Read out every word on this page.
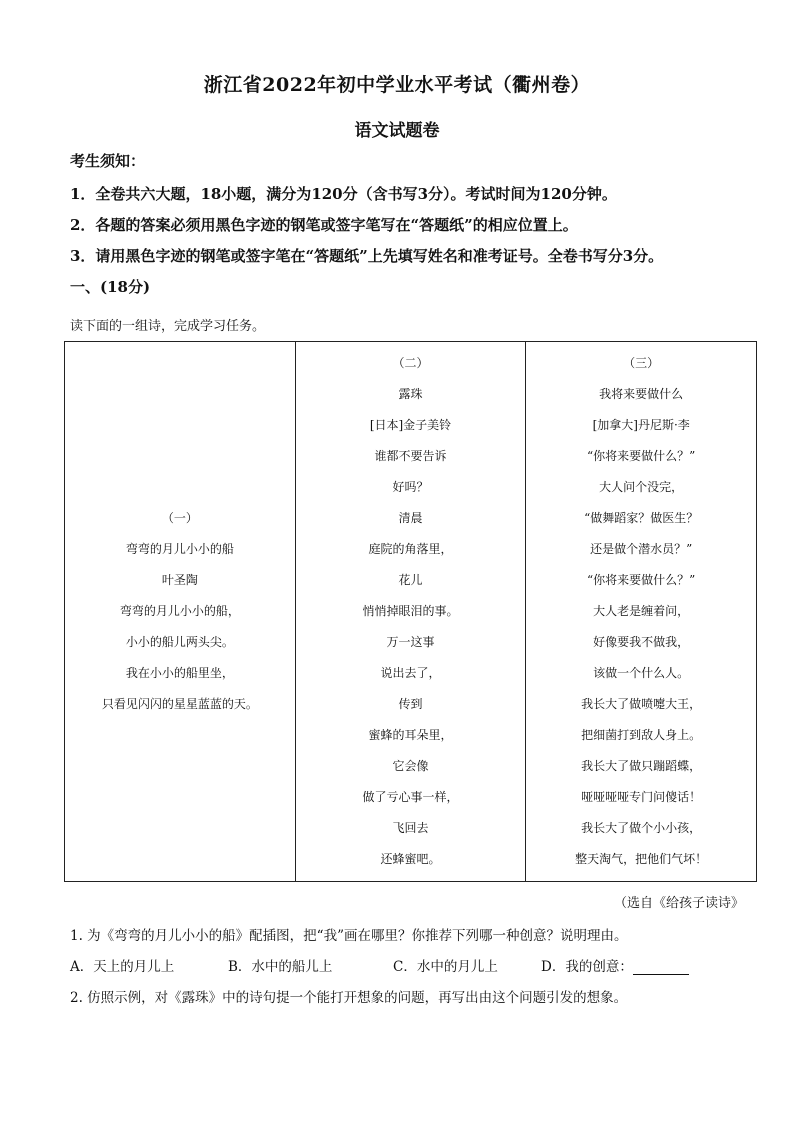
浙江省2022年初中学业水平考试（衢州卷）
语文试题卷
考生须知：
1．全卷共六大题，18小题，满分为120分（含书写3分）。考试时间为120分钟。
2．各题的答案必须用黑色字迹的钢笔或签字笔写在“答题纸”的相应位置上。
3．请用黑色字迹的钢笔或签字笔在“答题纸”上先填写姓名和准考证号。全卷书写分3分。
一、(18分)
读下面的一组诗，完成学习任务。
（一）
弯弯的月儿小小的船
叶圣陶
弯弯的月儿小小的船，
小小的船儿两头尖。
我在小小的船里坐，
只看见闪闪的星星蓝蓝的天。
（二）
露珠
[日本]金子美铃
谁都不要告诉
好吗？
清晨
庭院的角落里，
花儿
悄悄掉眼泪的事。
万一这事
说出去了，
传到
蜜蜂的耳朵里，
它会像
做了亏心事一样，
飞回去
还蜂蜜吧。
（三）
我将来要做什么
[加拿大]丹尼斯·李
“你将来要做什么？”
大人问个没完，
“做舞蹈家？做医生？
还是做个潜水员？”
“你将来要做什么？”
大人老是缠着问，
好像要我不做我，
该做一个什么人。
我长大了做喷嚏大王，
把细菌打到敌人身上。
我长大了做只蹦蹈蝶，
哑哑哑哑专门问傻话！
我长大了做个小小孩，
整天淘气，把他们气坏！
（选自《给孩子读诗》
1. 为《弯弯的月儿小小的船》配插图，把“我”画在哪里？你推荐下列哪一种创意？说明理由。
A．天上的月儿上	B．水中的船儿上	C．水中的月儿上	D．我的创意：
2. 仿照示例，对《露珠》中的诗句提一个能打开想象的问题，再写出由这个问题引发的想象。
